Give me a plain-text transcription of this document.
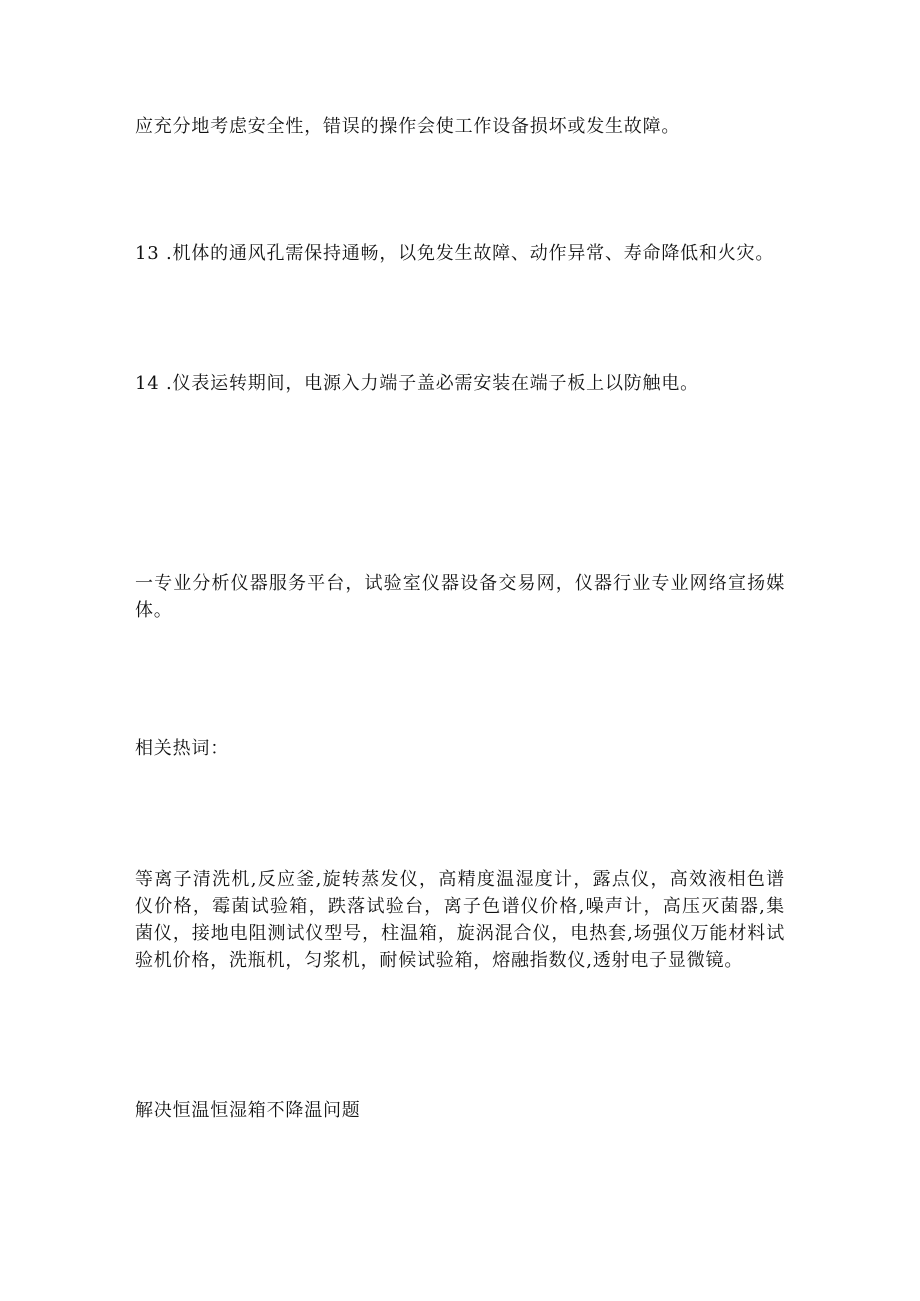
应充分地考虑安全性，错误的操作会使工作设备损坏或发生故障。

13 .机体的通风孔需保持通畅，以免发生故障、动作异常、寿命降低和火灾。

14 .仪表运转期间，电源入力端子盖必需安装在端子板上以防触电。

一专业分析仪器服务平台，试验室仪器设备交易网，仪器行业专业网络宣扬媒体。

相关热词：

等离子清洗机,反应釜,旋转蒸发仪，高精度温湿度计，露点仪，高效液相色谱仪价格，霉菌试验箱，跌落试验台，离子色谱仪价格,噪声计，高压灭菌器,集菌仪，接地电阻测试仪型号，柱温箱，旋涡混合仪，电热套,场强仪万能材料试验机价格，洗瓶机，匀浆机，耐候试验箱，熔融指数仪,透射电子显微镜。

解决恒温恒湿箱不降温问题
